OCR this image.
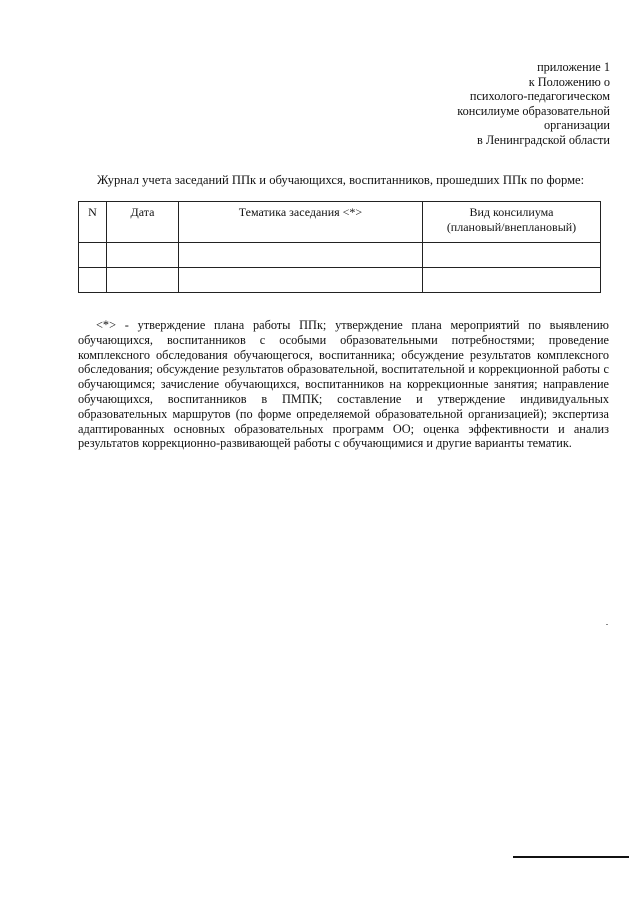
приложение 1
к Положению о
психолого-педагогическом
консилиуме образовательной
организации
в Ленинградской области
Журнал учета заседаний ППк и обучающихся, воспитанников, прошедших ППк по форме:
N	Дата	Тематика заседания <*>	Вид консилиума
(плановый/внеплановый)

<*> - утверждение плана работы ППк; утверждение плана мероприятий по выявлению обучающихся, воспитанников с особыми образовательными потребностями; проведение комплексного обследования обучающегося, воспитанника; обсуждение результатов комплексного обследования; обсуждение результатов образовательной, воспитательной и коррекционной работы с обучающимся; зачисление обучающихся, воспитанников на коррекционные занятия; направление обучающихся, воспитанников в ПМПК; составление и утверждение индивидуальных образовательных маршрутов (по форме определяемой образовательной организацией); экспертиза адаптированных основных образовательных программ ОО; оценка эффективности и анализ результатов коррекционно-развивающей работы с обучающимися и другие варианты тематик.
